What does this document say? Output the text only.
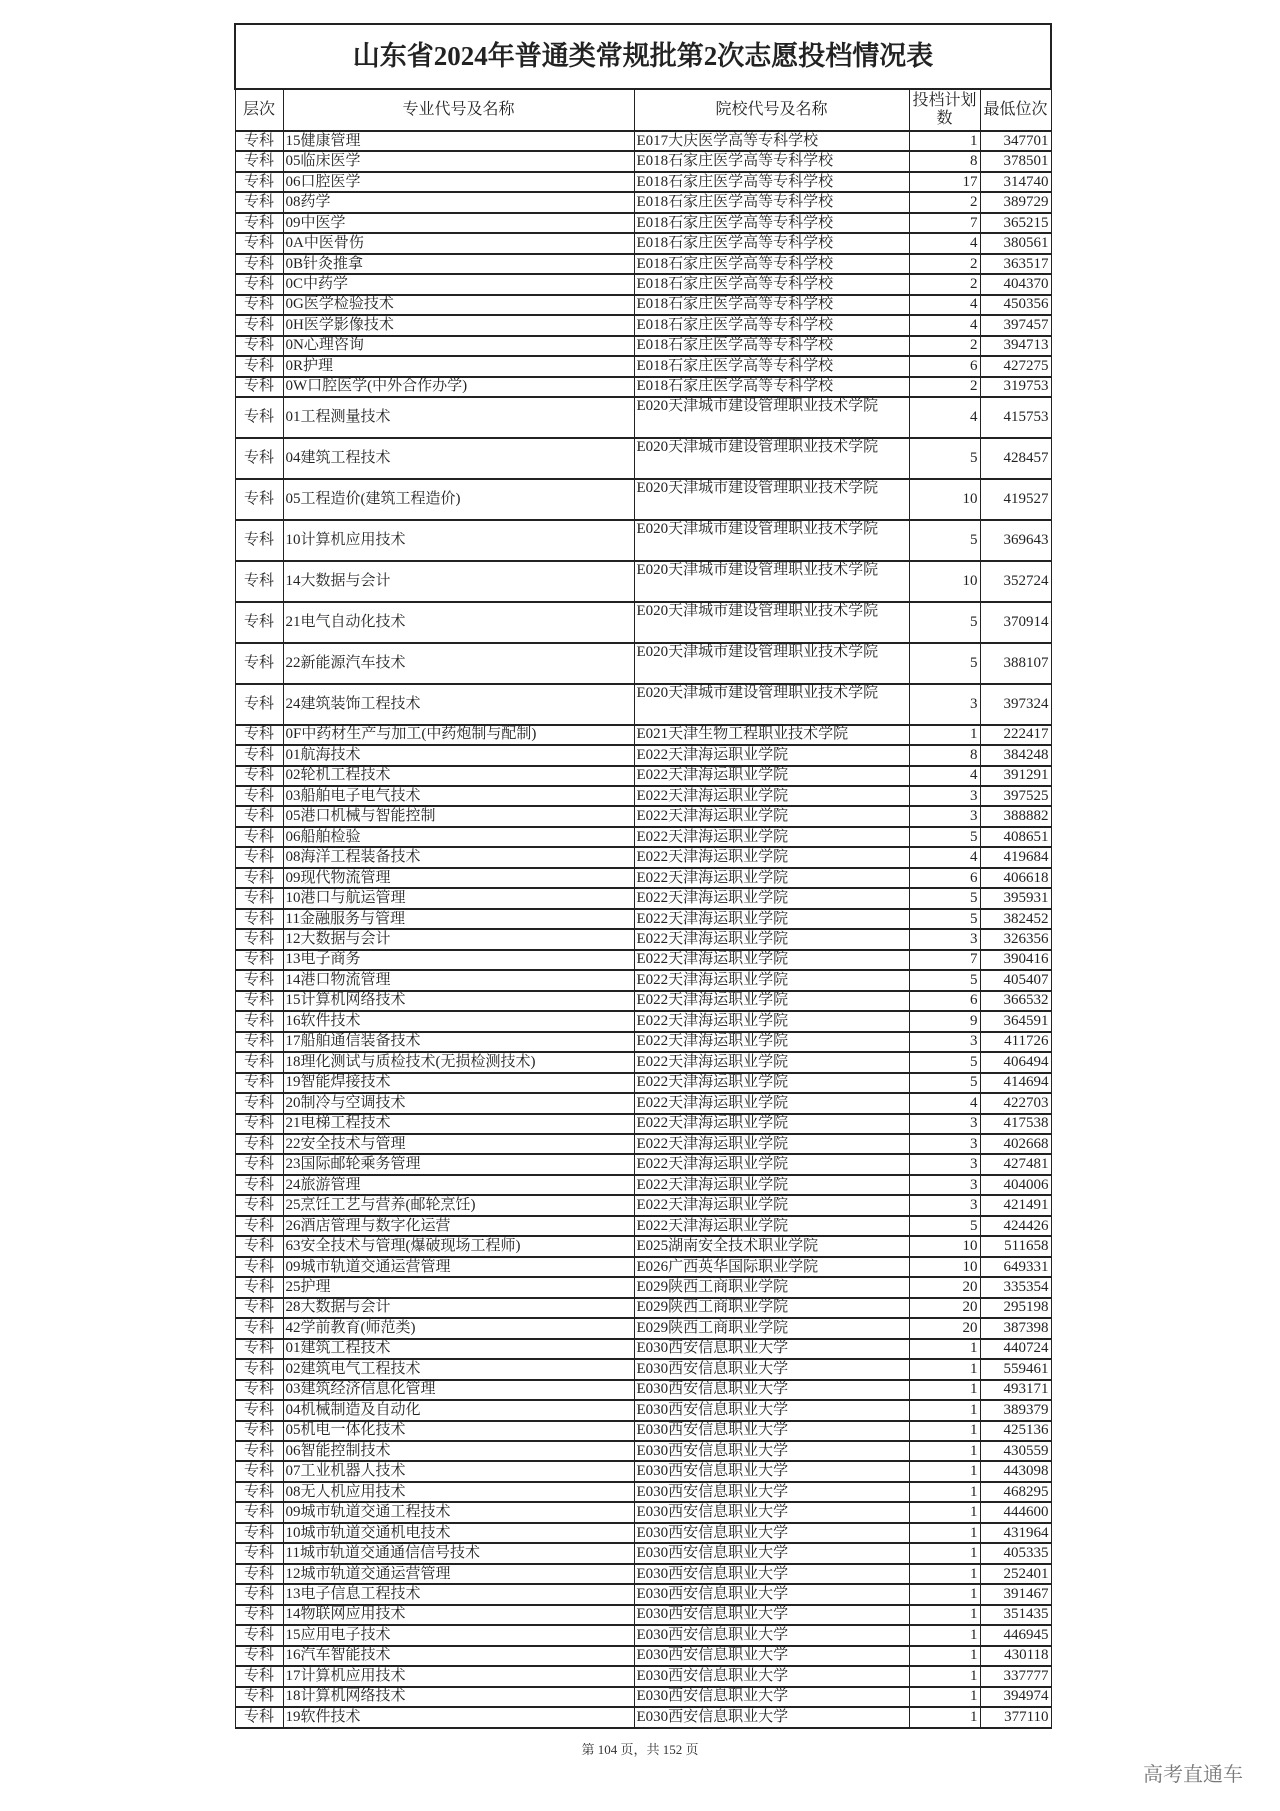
山东省2024年普通类常规批第2次志愿投档情况表				
层次	专业代号及名称	院校代号及名称	投档计划数	最低位次
专科	15健康管理	E017大庆医学高等专科学校	1	347701
专科	05临床医学	E018石家庄医学高等专科学校	8	378501
专科	06口腔医学	E018石家庄医学高等专科学校	17	314740
专科	08药学	E018石家庄医学高等专科学校	2	389729
专科	09中医学	E018石家庄医学高等专科学校	7	365215
专科	0A中医骨伤	E018石家庄医学高等专科学校	4	380561
专科	0B针灸推拿	E018石家庄医学高等专科学校	2	363517
专科	0C中药学	E018石家庄医学高等专科学校	2	404370
专科	0G医学检验技术	E018石家庄医学高等专科学校	4	450356
专科	0H医学影像技术	E018石家庄医学高等专科学校	4	397457
专科	0N心理咨询	E018石家庄医学高等专科学校	2	394713
专科	0R护理	E018石家庄医学高等专科学校	6	427275
专科	0W口腔医学(中外合作办学)	E018石家庄医学高等专科学校	2	319753
专科	01工程测量技术	E020天津城市建设管理职业技术学院	4	415753
专科	04建筑工程技术	E020天津城市建设管理职业技术学院	5	428457
专科	05工程造价(建筑工程造价)	E020天津城市建设管理职业技术学院	10	419527
专科	10计算机应用技术	E020天津城市建设管理职业技术学院	5	369643
专科	14大数据与会计	E020天津城市建设管理职业技术学院	10	352724
专科	21电气自动化技术	E020天津城市建设管理职业技术学院	5	370914
专科	22新能源汽车技术	E020天津城市建设管理职业技术学院	5	388107
专科	24建筑装饰工程技术	E020天津城市建设管理职业技术学院	3	397324
专科	0F中药材生产与加工(中药炮制与配制)	E021天津生物工程职业技术学院	1	222417
专科	01航海技术	E022天津海运职业学院	8	384248
专科	02轮机工程技术	E022天津海运职业学院	4	391291
专科	03船舶电子电气技术	E022天津海运职业学院	3	397525
专科	05港口机械与智能控制	E022天津海运职业学院	3	388882
专科	06船舶检验	E022天津海运职业学院	5	408651
专科	08海洋工程装备技术	E022天津海运职业学院	4	419684
专科	09现代物流管理	E022天津海运职业学院	6	406618
专科	10港口与航运管理	E022天津海运职业学院	5	395931
专科	11金融服务与管理	E022天津海运职业学院	5	382452
专科	12大数据与会计	E022天津海运职业学院	3	326356
专科	13电子商务	E022天津海运职业学院	7	390416
专科	14港口物流管理	E022天津海运职业学院	5	405407
专科	15计算机网络技术	E022天津海运职业学院	6	366532
专科	16软件技术	E022天津海运职业学院	9	364591
专科	17船舶通信装备技术	E022天津海运职业学院	3	411726
专科	18理化测试与质检技术(无损检测技术)	E022天津海运职业学院	5	406494
专科	19智能焊接技术	E022天津海运职业学院	5	414694
专科	20制冷与空调技术	E022天津海运职业学院	4	422703
专科	21电梯工程技术	E022天津海运职业学院	3	417538
专科	22安全技术与管理	E022天津海运职业学院	3	402668
专科	23国际邮轮乘务管理	E022天津海运职业学院	3	427481
专科	24旅游管理	E022天津海运职业学院	3	404006
专科	25烹饪工艺与营养(邮轮烹饪)	E022天津海运职业学院	3	421491
专科	26酒店管理与数字化运营	E022天津海运职业学院	5	424426
专科	63安全技术与管理(爆破现场工程师)	E025湖南安全技术职业学院	10	511658
专科	09城市轨道交通运营管理	E026广西英华国际职业学院	10	649331
专科	25护理	E029陕西工商职业学院	20	335354
专科	28大数据与会计	E029陕西工商职业学院	20	295198
专科	42学前教育(师范类)	E029陕西工商职业学院	20	387398
专科	01建筑工程技术	E030西安信息职业大学	1	440724
专科	02建筑电气工程技术	E030西安信息职业大学	1	559461
专科	03建筑经济信息化管理	E030西安信息职业大学	1	493171
专科	04机械制造及自动化	E030西安信息职业大学	1	389379
专科	05机电一体化技术	E030西安信息职业大学	1	425136
专科	06智能控制技术	E030西安信息职业大学	1	430559
专科	07工业机器人技术	E030西安信息职业大学	1	443098
专科	08无人机应用技术	E030西安信息职业大学	1	468295
专科	09城市轨道交通工程技术	E030西安信息职业大学	1	444600
专科	10城市轨道交通机电技术	E030西安信息职业大学	1	431964
专科	11城市轨道交通通信信号技术	E030西安信息职业大学	1	405335
专科	12城市轨道交通运营管理	E030西安信息职业大学	1	252401
专科	13电子信息工程技术	E030西安信息职业大学	1	391467
专科	14物联网应用技术	E030西安信息职业大学	1	351435
专科	15应用电子技术	E030西安信息职业大学	1	446945
专科	16汽车智能技术	E030西安信息职业大学	1	430118
专科	17计算机应用技术	E030西安信息职业大学	1	337777
专科	18计算机网络技术	E030西安信息职业大学	1	394974
专科	19软件技术	E030西安信息职业大学	1	377110
第 104 页，共 152 页
高考直通车
